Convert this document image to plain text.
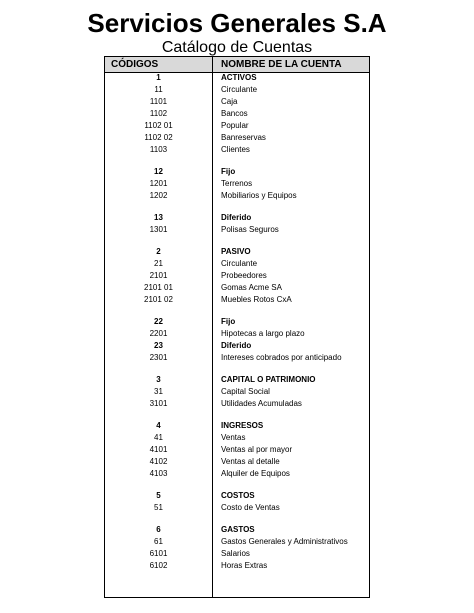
Servicios Generales S.A
Catálogo de Cuentas
CÓDIGOS	NOMBRE DE LA CUENTA
1	ACTIVOS
11	Circulante
1101	Caja
1102	Bancos
1102 01	Popular
1102 02	Banreservas
1103	Clientes
12	Fijo
1201	Terrenos
1202	Mobiliarios y Equipos
13	Diferido
1301	Polisas Seguros
2	PASIVO
21	Circulante
2101	Probeedores
2101 01	Gomas Acme SA
2101 02	Muebles Rotos CxA
22	Fijo
2201	Hipotecas a largo plazo
23	Diferido
2301	Intereses cobrados por anticipado
3	CAPITAL O PATRIMONIO
31	Capital Social
3101	Utilidades Acumuladas
4	INGRESOS
41	Ventas
4101	Ventas al por mayor
4102	Ventas al detalle
4103	Alquiler de Equipos
5	COSTOS
51	Costo de Ventas
6	GASTOS
61	Gastos Generales y Administrativos
6101	Salarios
6102	Horas Extras
